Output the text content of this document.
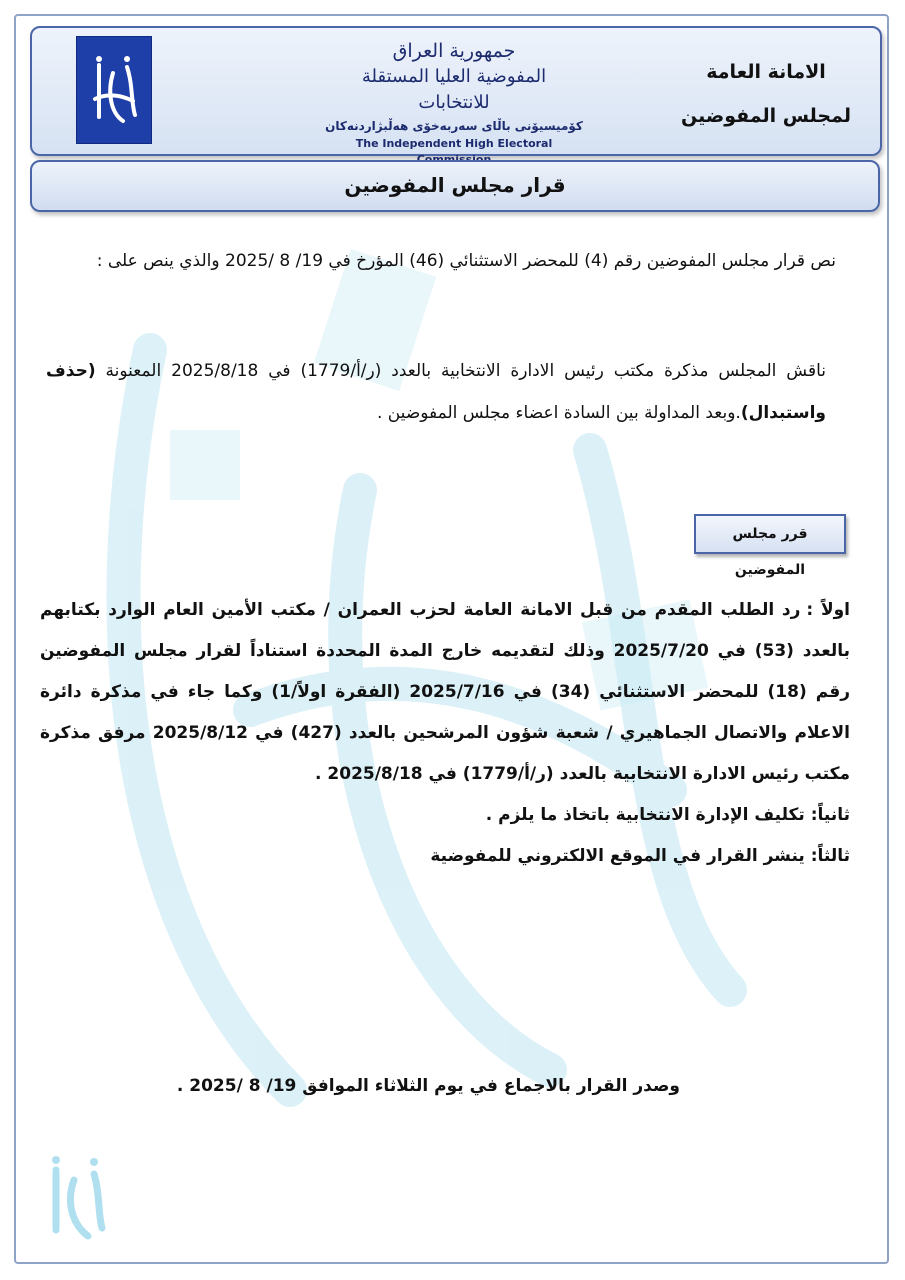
الامانة العامة
لمجلس المفوضين
جمهورية العراق
المفوضية العليا المستقلة للانتخابات
کۆمیسیۆنی باڵای سەربەخۆی هەڵبژاردنەکان
The Independent High Electoral
قرار مجلس المفوضين
نص قرار مجلس المفوضين رقم (4) للمحضر الاستثنائي (46) المؤرخ في 19/ 8 /2025 والذي ينص على :
ناقش المجلس مذكرة مكتب رئيس الادارة الانتخابية بالعدد (ر/أ/1779) في 2025/8/18 المعنونة (حذف واستبدال).وبعد المداولة بين السادة اعضاء مجلس المفوضين .
قرر مجلس المفوضين
اولاً :رد الطلب المقدم من قبل الامانة العامة لحزب العمران / مكتب الأمين العام الوارد بكتابهم بالعدد (53) في 2025/7/20 وذلك لتقديمه خارج المدة المحددة استناداً لقرار مجلس المفوضين رقم (18) للمحضر الاستثنائي (34) في 2025/7/16 (الفقرة اولاً/1) وكما جاء في مذكرة دائرة الاعلام والاتصال الجماهيري / شعبة شؤون المرشحين بالعدد (427) في 2025/8/12 مرفق مذكرة مكتب رئيس الادارة الانتخابية بالعدد (ر/أ/1779) في 2025/8/18 .
ثانياً: تكليف الإدارة الانتخابية باتخاذ ما يلزم .
ثالثاً: ينشر القرار في الموقع الالكتروني للمفوضية
وصدر القرار بالاجماع في يوم الثلاثاء الموافق 19/ 8 /2025 .
